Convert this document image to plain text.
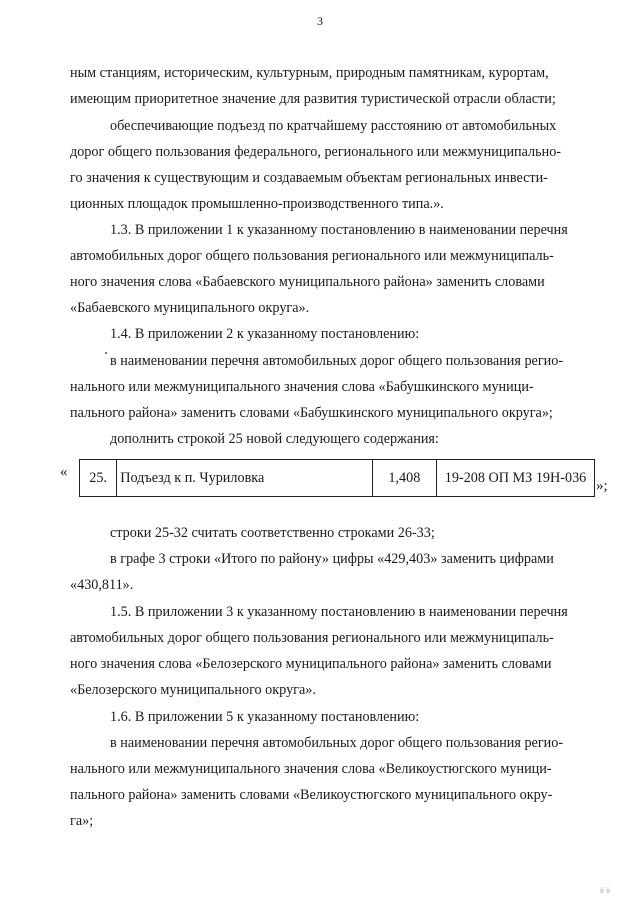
3
ным станциям, историческим, культурным, природным памятникам, курортам,
имеющим приоритетное значение для развития туристической отрасли области;
обеспечивающие подъезд по кратчайшему расстоянию от автомобильных
дорог общего пользования федерального, регионального или межмуниципально-
го значения к существующим и создаваемым объектам региональных инвести-
ционных площадок промышленно-производственного типа.».
1.3. В приложении 1 к указанному постановлению в наименовании перечня
автомобильных дорог общего пользования регионального или межмуниципаль-
ного значения слова «Бабаевского муниципального района» заменить словами
«Бабаевского муниципального округа».
1.4. В приложении 2 к указанному постановлению:
в наименовании перечня автомобильных дорог общего пользования регио-
нального или межмуниципального значения слова «Бабушкинского муници-
пального района» заменить словами «Бабушкинского муниципального округа»;
дополнить строкой 25 новой следующего содержания:
« 25.	Подъезд к п. Чуриловка	1,408	19-208 ОП МЗ 19Н-036
»;
строки 25-32 считать соответственно строками 26-33;
в графе 3 строки «Итого по району» цифры «429,403» заменить цифрами
«430,811».
1.5. В приложении 3 к указанному постановлению в наименовании перечня
автомобильных дорог общего пользования регионального или межмуниципаль-
ного значения слова «Белозерского муниципального района» заменить словами
«Белозерского муниципального округа».
1.6. В приложении 5 к указанному постановлению:
в наименовании перечня автомобильных дорог общего пользования регио-
нального или межмуниципального значения слова «Великоустюгского муници-
пального района» заменить словами «Великоустюгского муниципального окру-
га»;
ii ii
